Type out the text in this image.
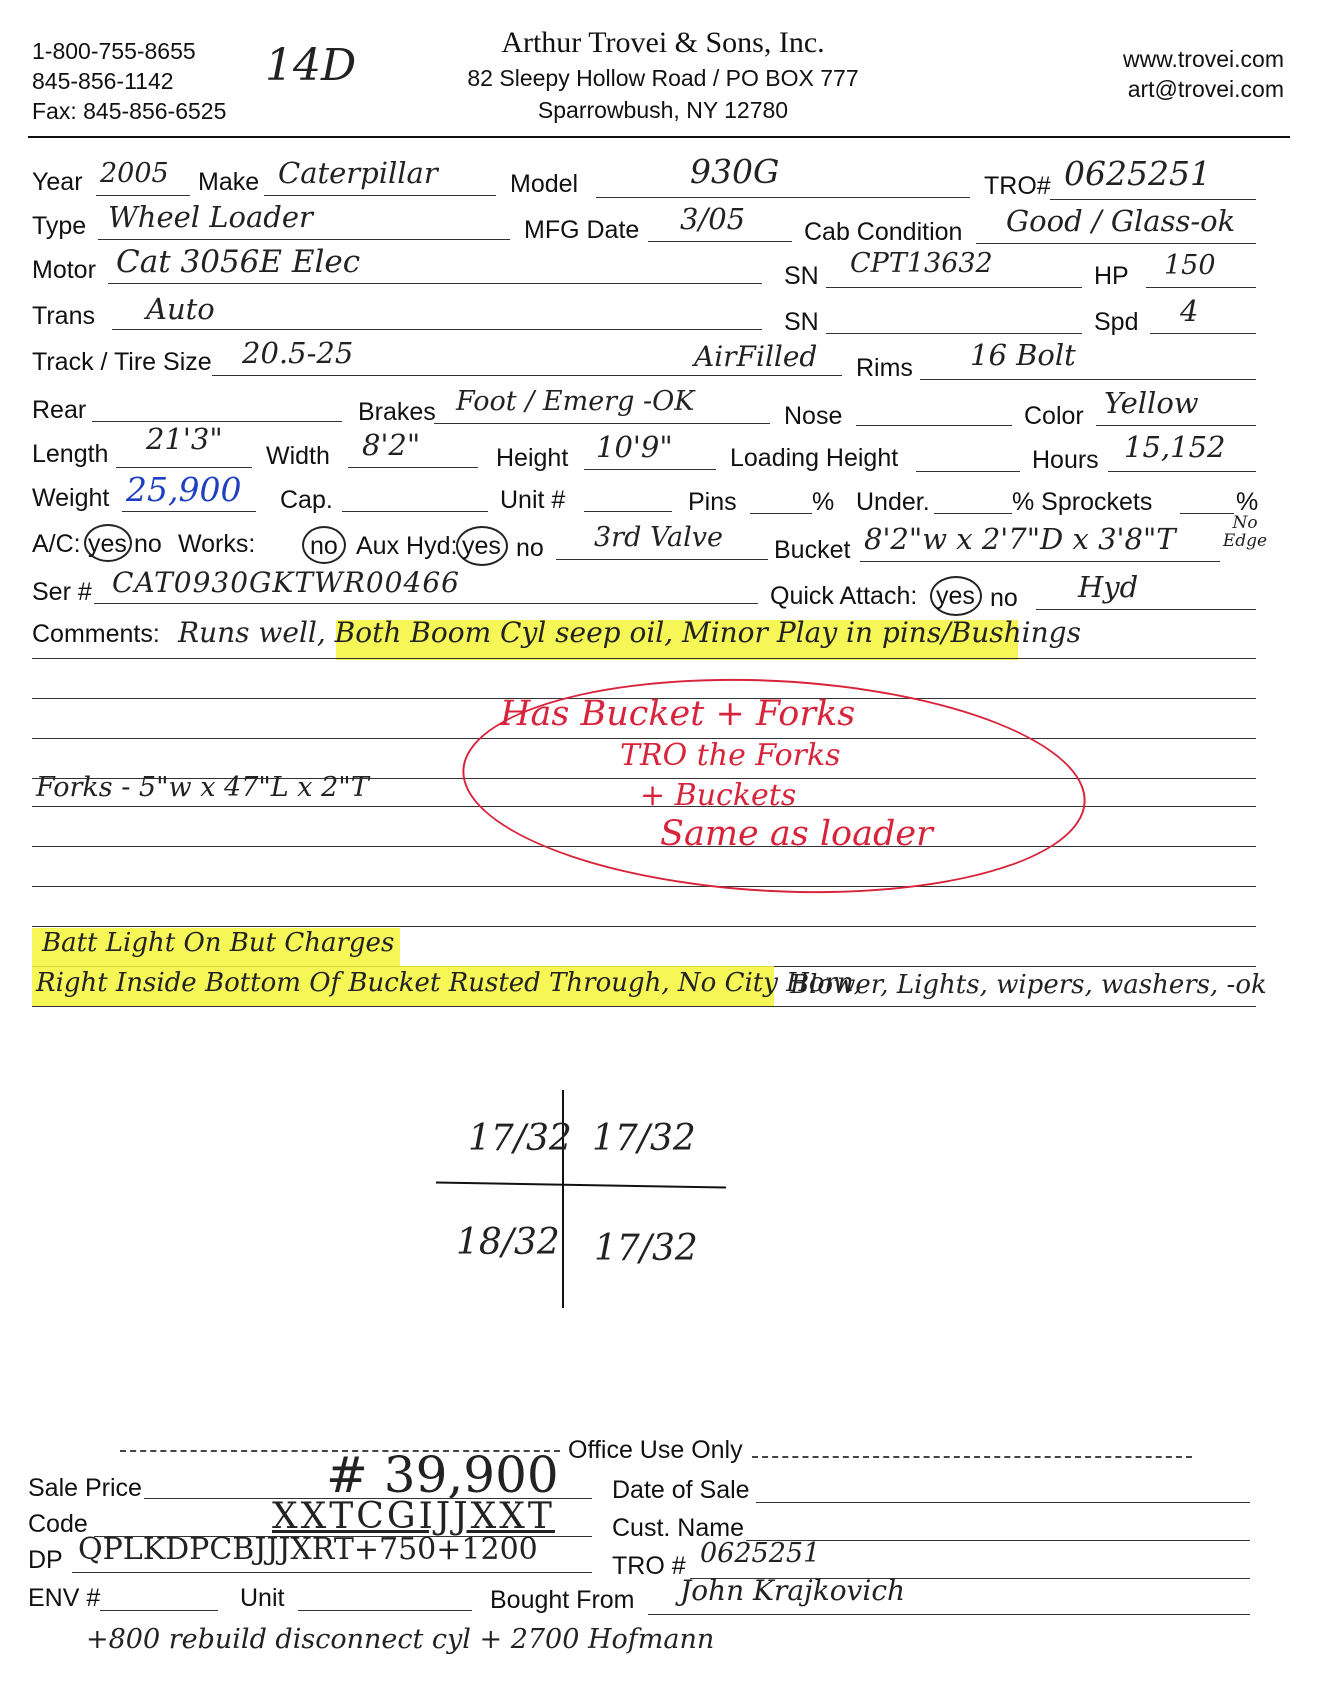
1-800-755-8655
845-856-1142
Fax: 845-856-6525
14D	Arthur Trovei & Sons, Inc.
82 Sleepy Hollow Road / PO BOX 777
Sparrowbush, NY 12780
www.trovei.com
art@trovei.com
Year 2005 Make Caterpillar	Model	930G	TRO# 0625251
Type Wheel Loader	MFG Date 3/05 Cab Condition Good / Glass-ok
Motor Cat 3056E Elec	SN CPT13632	HP 150
Trans Auto	SN	Spd 4
Track / Tire Size 20.5-25	AirFilled Rims 16 Bolt
Rear	Brakes Foot / Emerg -OK	Nose	Color Yellow
Length 21'3" Width 8'2"	Height 10'9" Loading Height	Hours 15,152
Weight 25,900 Cap.	Unit #	Pins	% Under.	% Sprockets	%
A/C: yes no Works: no Aux Hyd: yes no 3rd Valve Bucket 8'2"w x 2'7"D x 3'8"T	No Edge
Ser # CAT0930GKTWR00466	Quick Attach: yes no Hyd
Comments: Runs well, Both Boom Cyl seep oil, Minor Play in pins/Bushings
Forks - 5"w x 47"L x 2"T
Has Bucket + Forks
TRO the Forks
+ Buckets
Same as loader
Batt Light On But Charges
Right Inside Bottom Of Bucket Rusted Through, No City Horn,
Blower, Lights, wipers, washers, -ok
17/32 17/32
18/32 17/32
Office Use Only
Sale Price	# 39,900 Date of Sale
Code	XXTCGIJJXXT Cust. Name
DP QPLKDPCBJJJXRT+750+1200	TRO # 0625251
ENV #	Unit	Bought From John Krajkovich
+800 rebuild disconnect cyl + 2700 Hofmann
